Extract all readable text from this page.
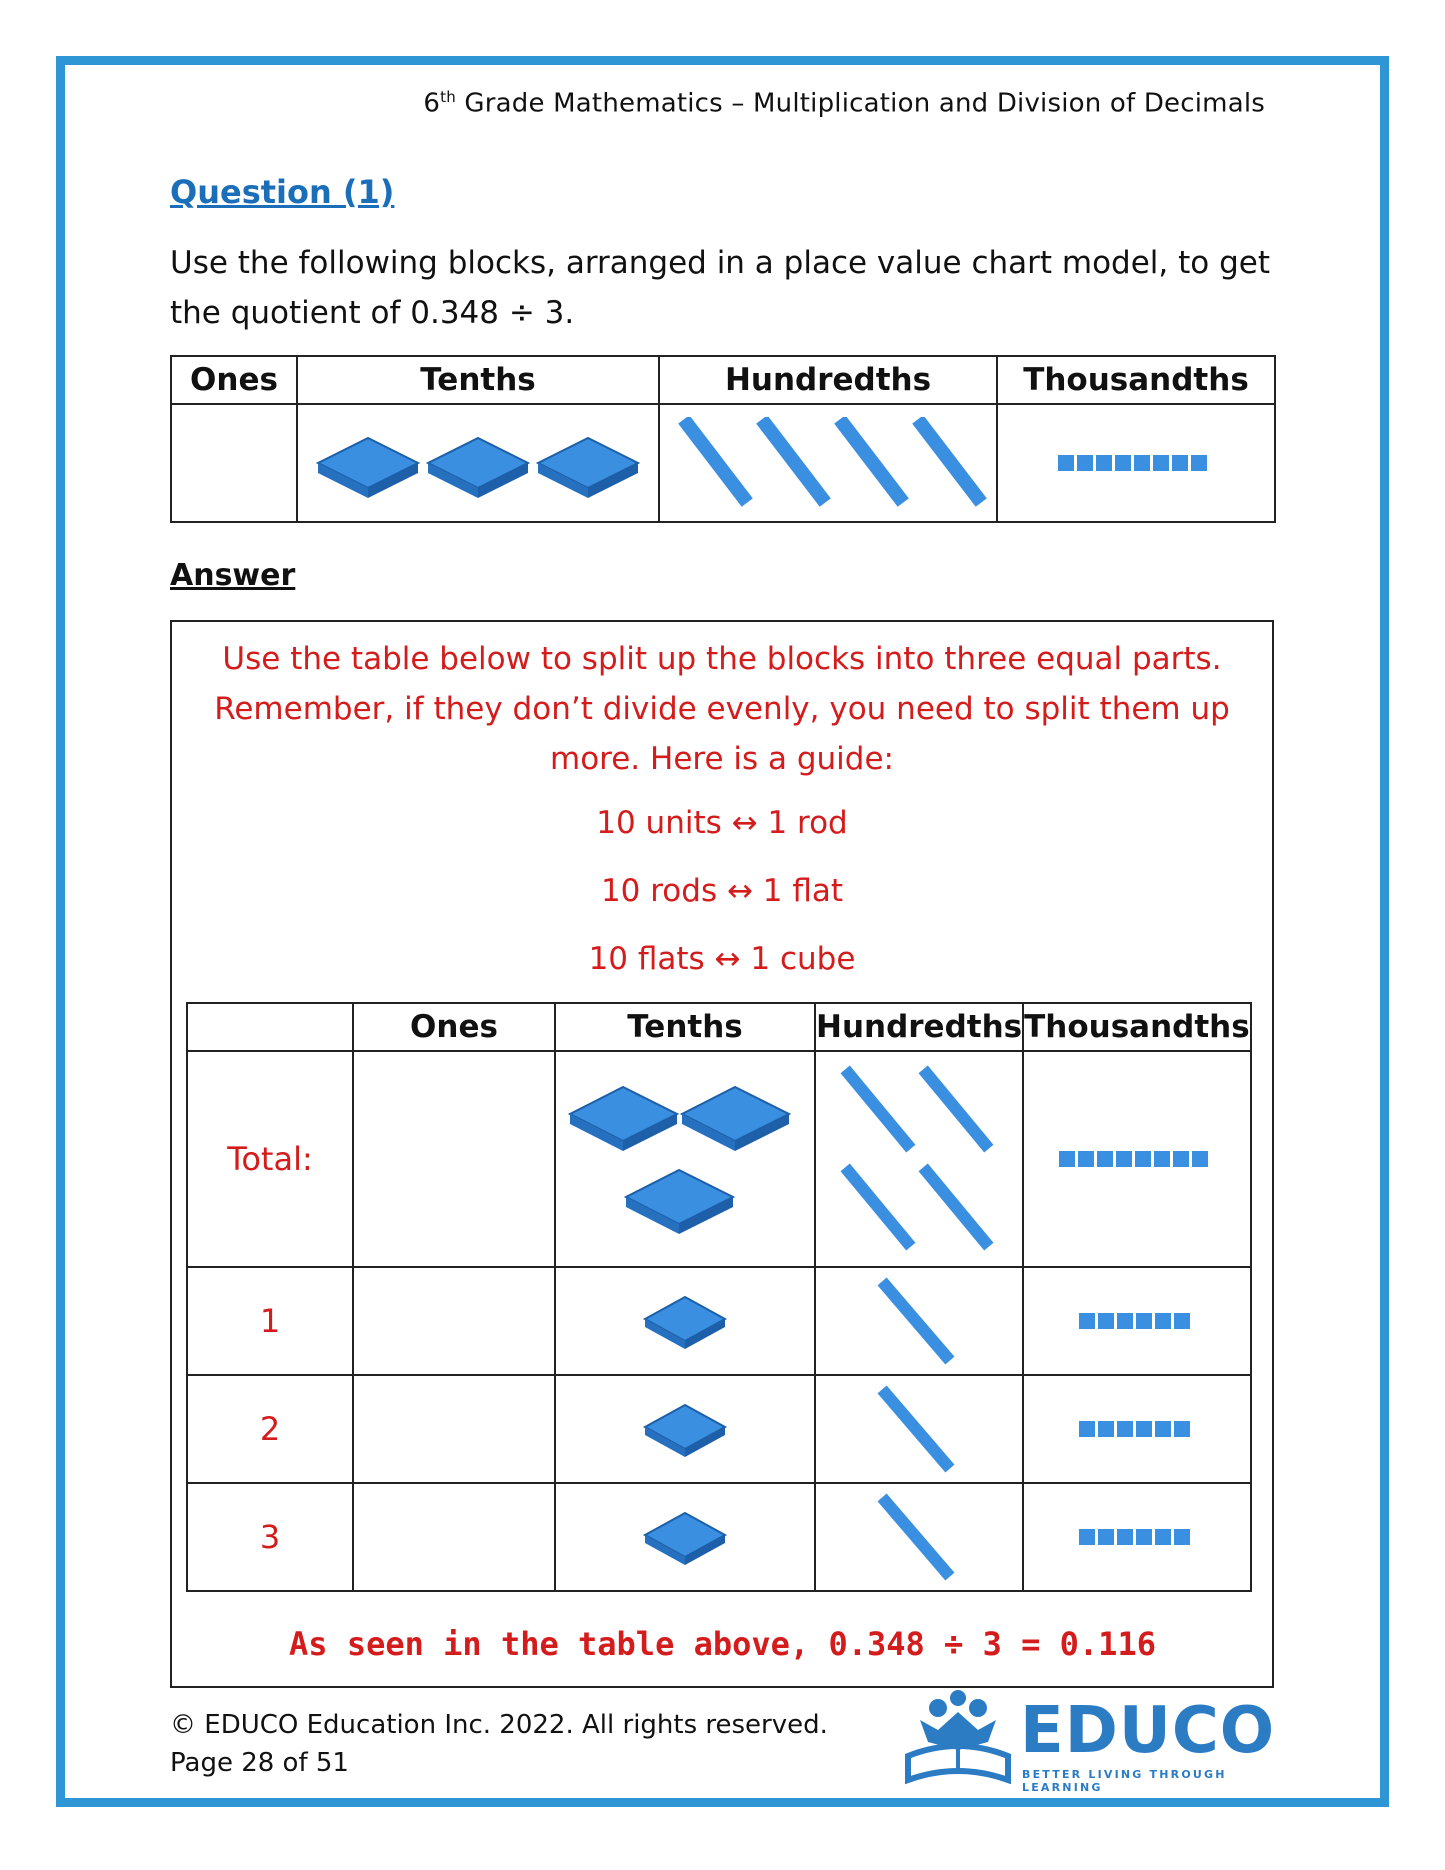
6th Grade Mathematics – Multiplication and Division of Decimals
Question (1)
Use the following blocks, arranged in a place value chart model, to get the quotient of 0.348 ÷ 3.
Ones	Tenths	Hundredths	Thousandths

Answer
Use the table below to split up the blocks into three equal parts. Remember, if they don’t divide evenly, you need to split them up more. Here is a guide:
10 units ↔ 1 rod
10 rods ↔ 1 flat
10 flats ↔ 1 cube
	Ones	Tenths	Hundredths	Thousandths
Total:		

1		

2		

3		

As seen in the table above, 0.348 ÷ 3 = 0.116
© EDUCO Education Inc. 2022. All rights reserved.
Page 28 of 51	EDUCO
BETTER LIVING THROUGH LEARNING
